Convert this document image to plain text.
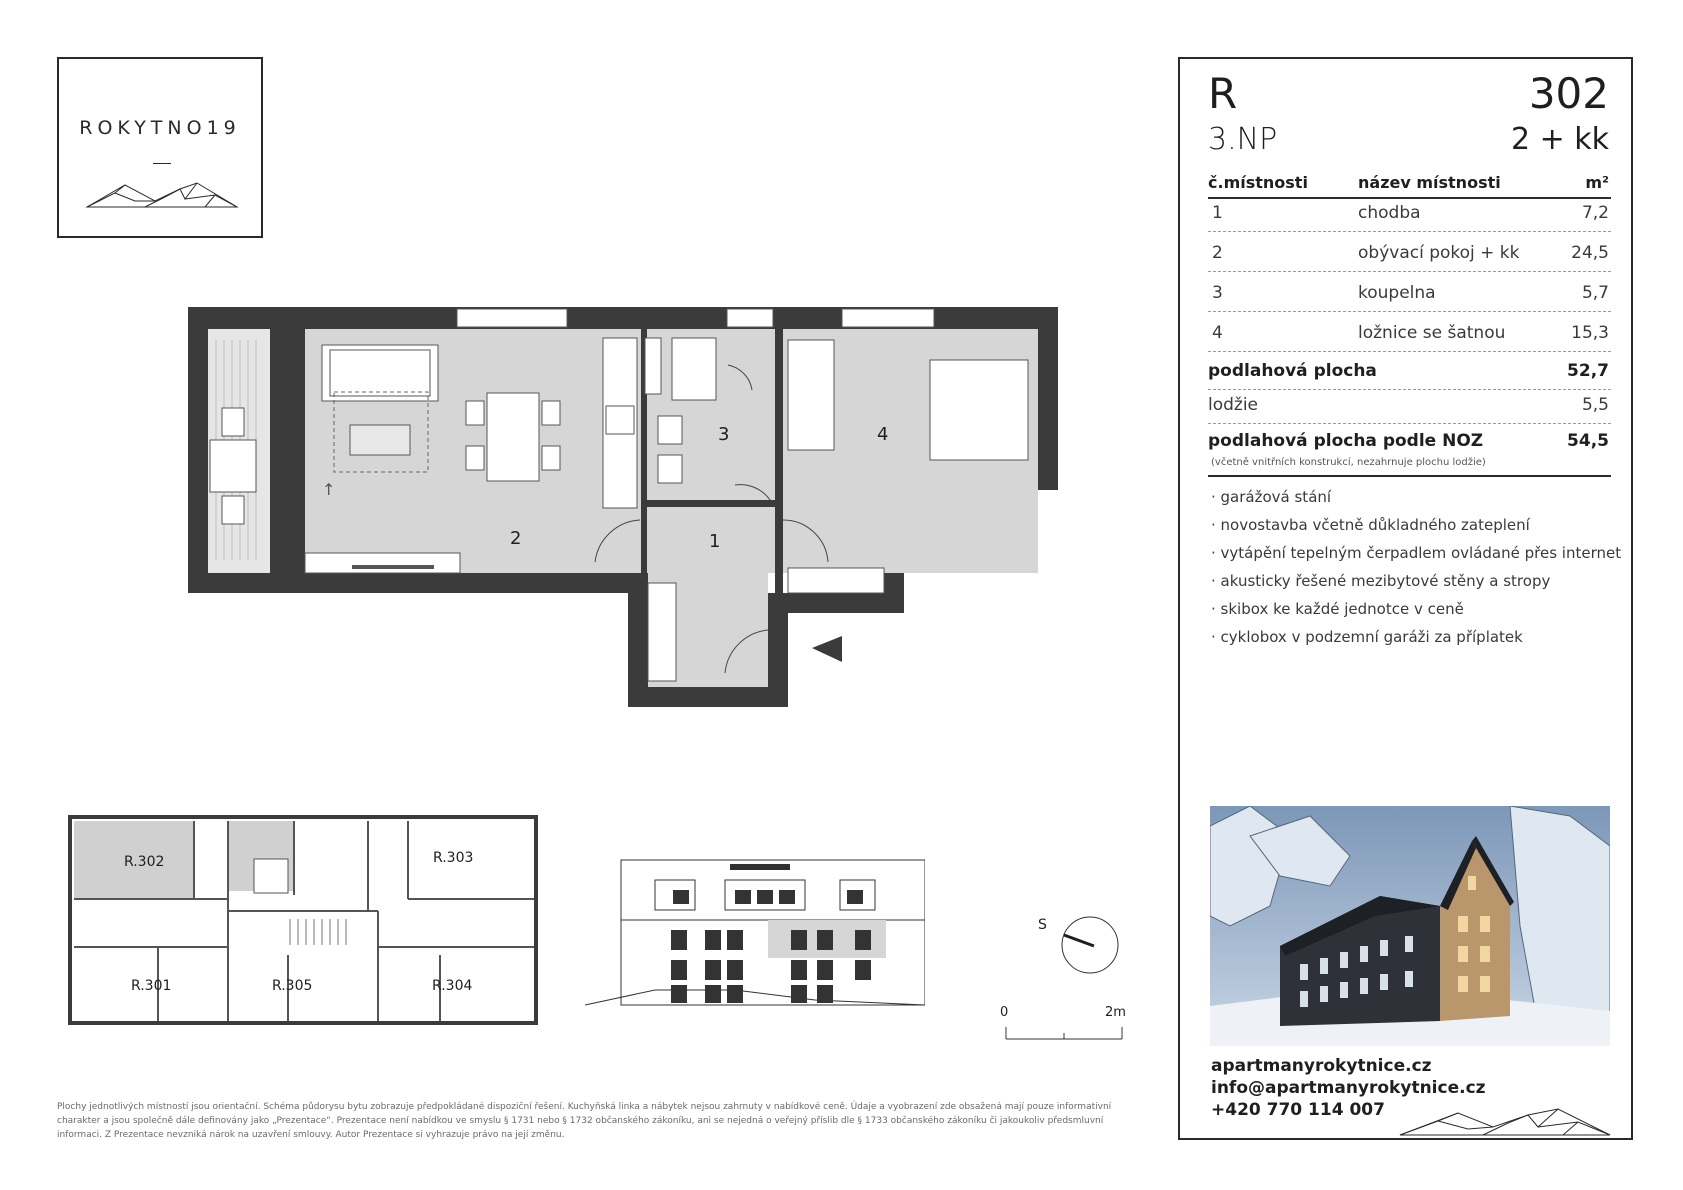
ROKYTNO19
↑
2	1
3	4
R.302	R.303
R.301	R.305	R.304
S
0	2m
R	302
3.NP	2 + kk
č.místnosti	název místnosti	m²
1	chodba	7,2
2	obývací pokoj + kk	24,5
3	koupelna	5,7
4	ložnice se šatnou	15,3
podlahová plocha	52,7
lodžie	5,5
podlahová plocha podle NOZ	54,5
(včetně vnitřních konstrukcí, nezahrnuje plochu lodžie)
· garážová stání
· novostavba včetně důkladného zateplení
· vytápění tepelným čerpadlem ovládané přes internet
· akusticky řešené mezibytové stěny a stropy
· skibox ke každé jednotce v ceně
· cyklobox v podzemní garáži za příplatek
apartmanyrokytnice.cz
info@apartmanyrokytnice.cz
+420 770 114 007
Plochy jednotlivých místností jsou orientační. Schéma půdorysu bytu zobrazuje předpokládané dispoziční řešení. Kuchyňská linka a nábytek nejsou zahrnuty v nabídkové ceně. Údaje a vyobrazení zde obsažená mají pouze informativní charakter a jsou společně dále definovány jako „Prezentace“. Prezentace není nabídkou ve smyslu § 1731 nebo § 1732 občanského zákoníku, ani se nejedná o veřejný příslib dle § 1733 občanského zákoníku či jakoukoliv předsmluvní informaci. Z Prezentace nevzniká nárok na uzavření smlouvy. Autor Prezentace si vyhrazuje právo na její změnu.
